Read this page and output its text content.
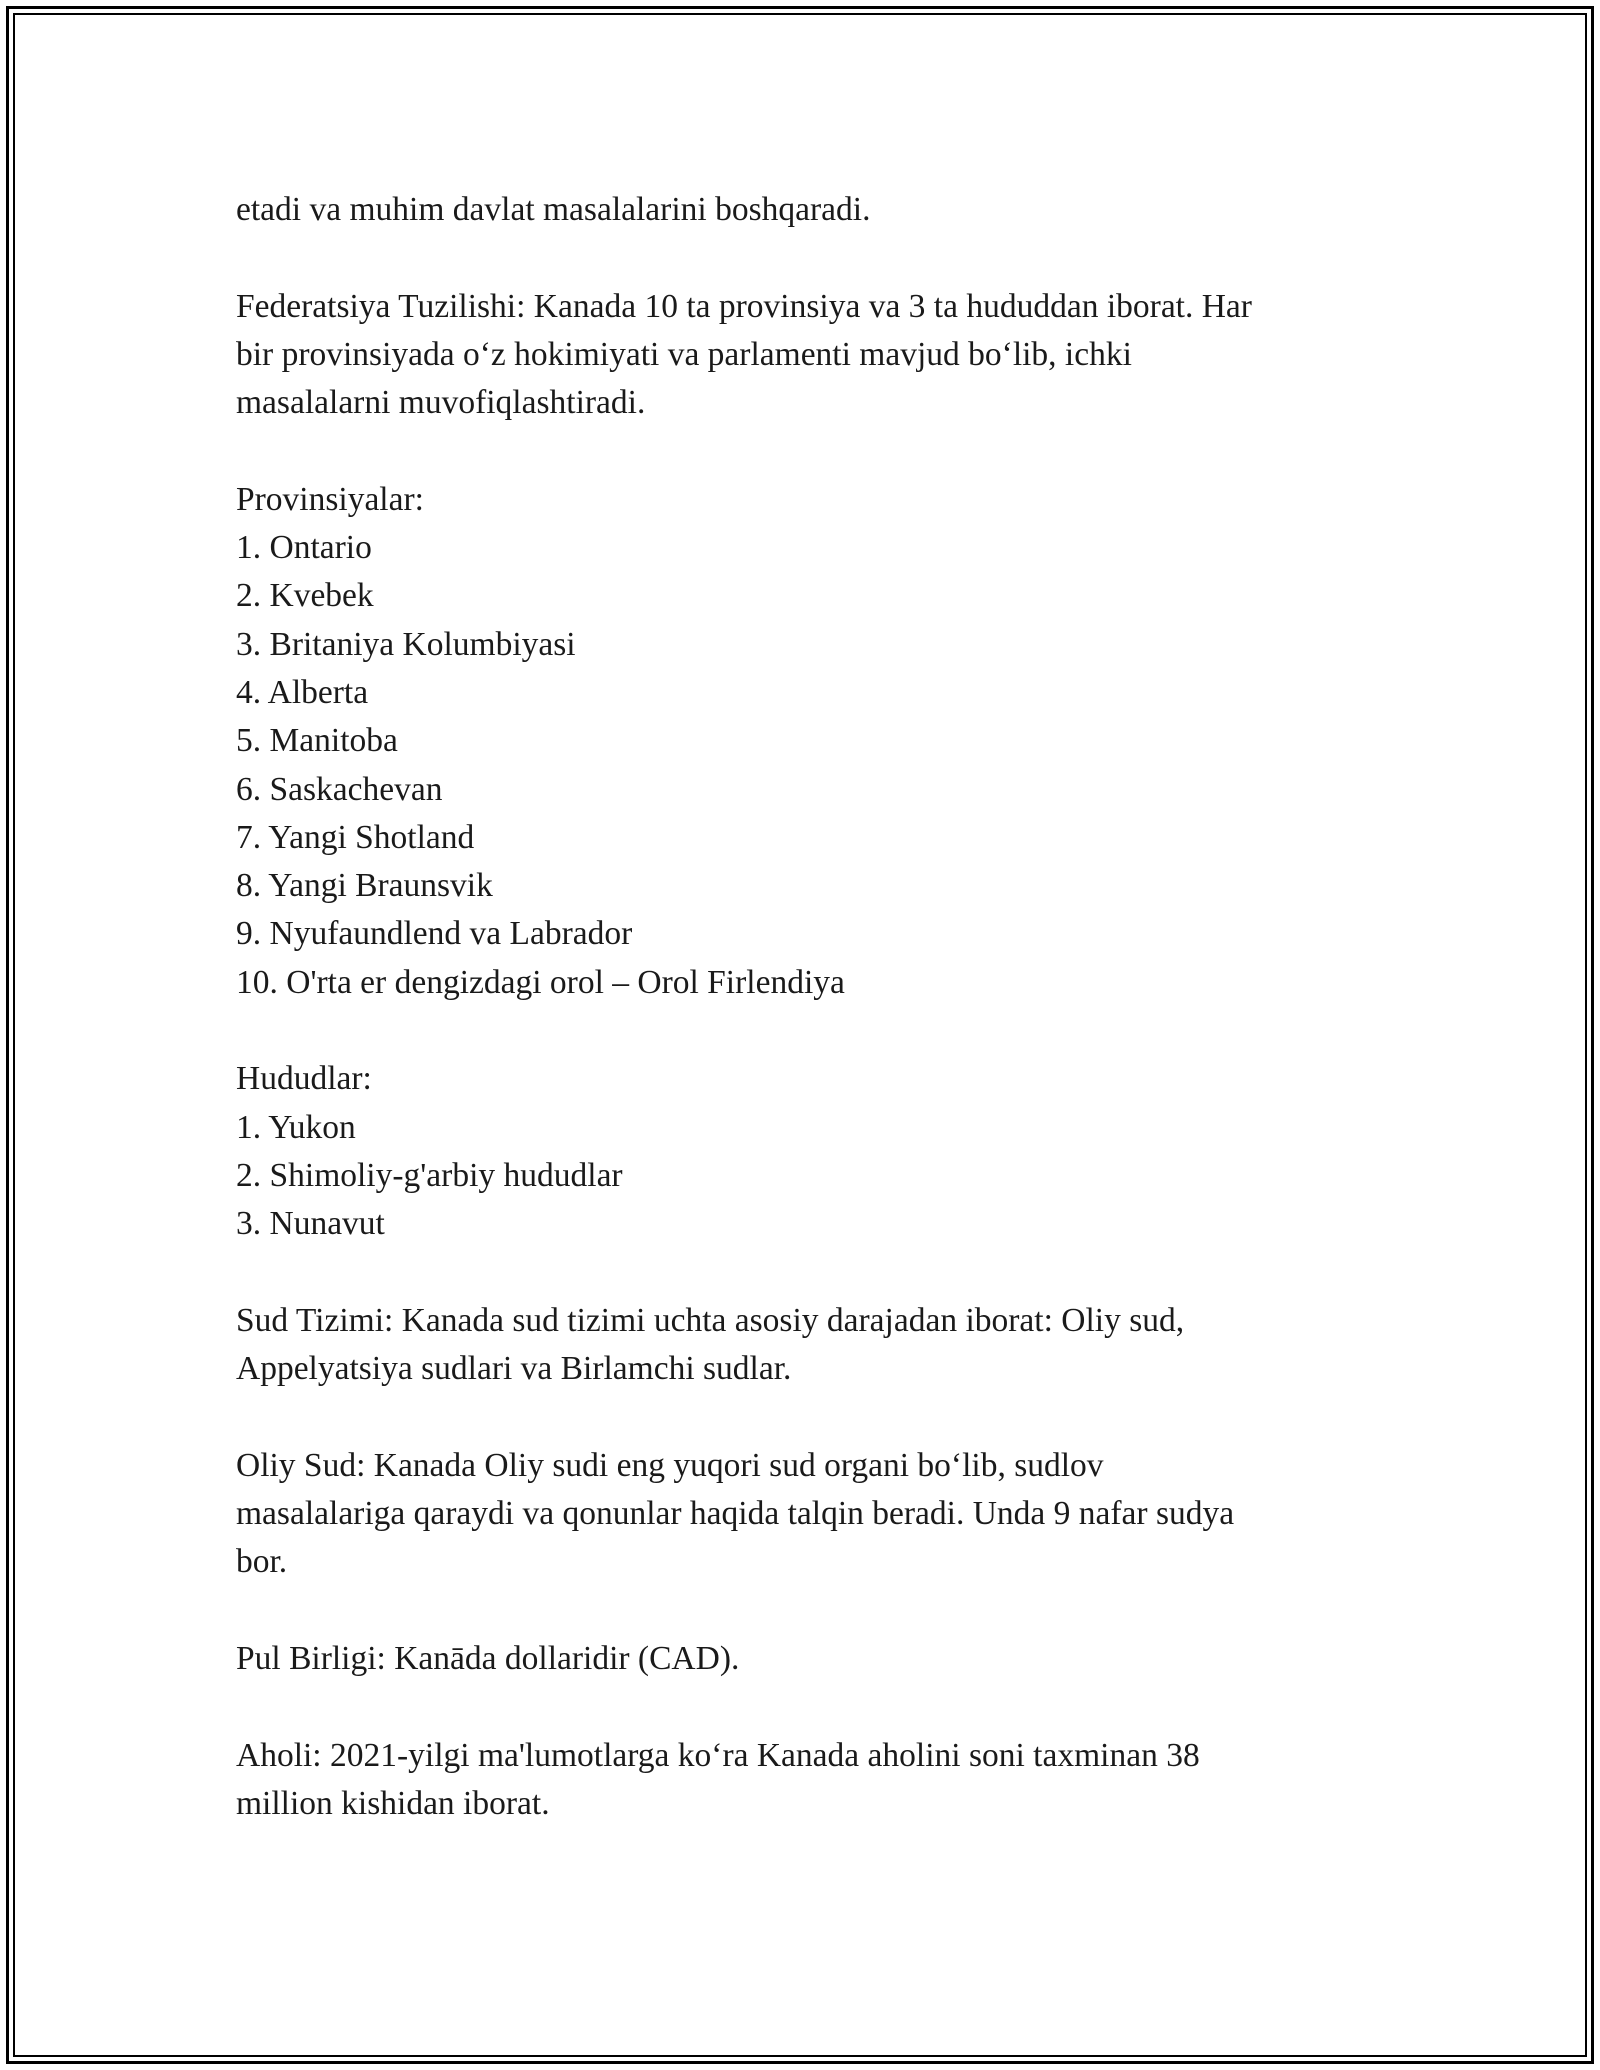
etadi va muhim davlat masalalarini boshqaradi.
Federatsiya Tuzilishi: Kanada 10 ta provinsiya va 3 ta hududdan iborat. Har
bir provinsiyada o‘z hokimiyati va parlamenti mavjud bo‘lib, ichki
masalalarni muvofiqlashtiradi.
Provinsiyalar:
1. Ontario
2. Kvebek
3. Britaniya Kolumbiyasi
4. Alberta
5. Manitoba
6. Saskachevan
7. Yangi Shotland
8. Yangi Braunsvik
9. Nyufaundlend va Labrador
10. O'rta er dengizdagi orol – Orol Firlendiya
Hududlar:
1. Yukon
2. Shimoliy-g'arbiy hududlar
3. Nunavut
Sud Tizimi: Kanada sud tizimi uchta asosiy darajadan iborat: Oliy sud,
Appelyatsiya sudlari va Birlamchi sudlar.
Oliy Sud: Kanada Oliy sudi eng yuqori sud organi bo‘lib, sudlov
masalalariga qaraydi va qonunlar haqida talqin beradi. Unda 9 nafar sudya
bor.
Pul Birligi: Kanāda dollaridir (CAD).
Aholi: 2021-yilgi ma'lumotlarga ko‘ra Kanada aholini soni taxminan 38
million kishidan iborat.
